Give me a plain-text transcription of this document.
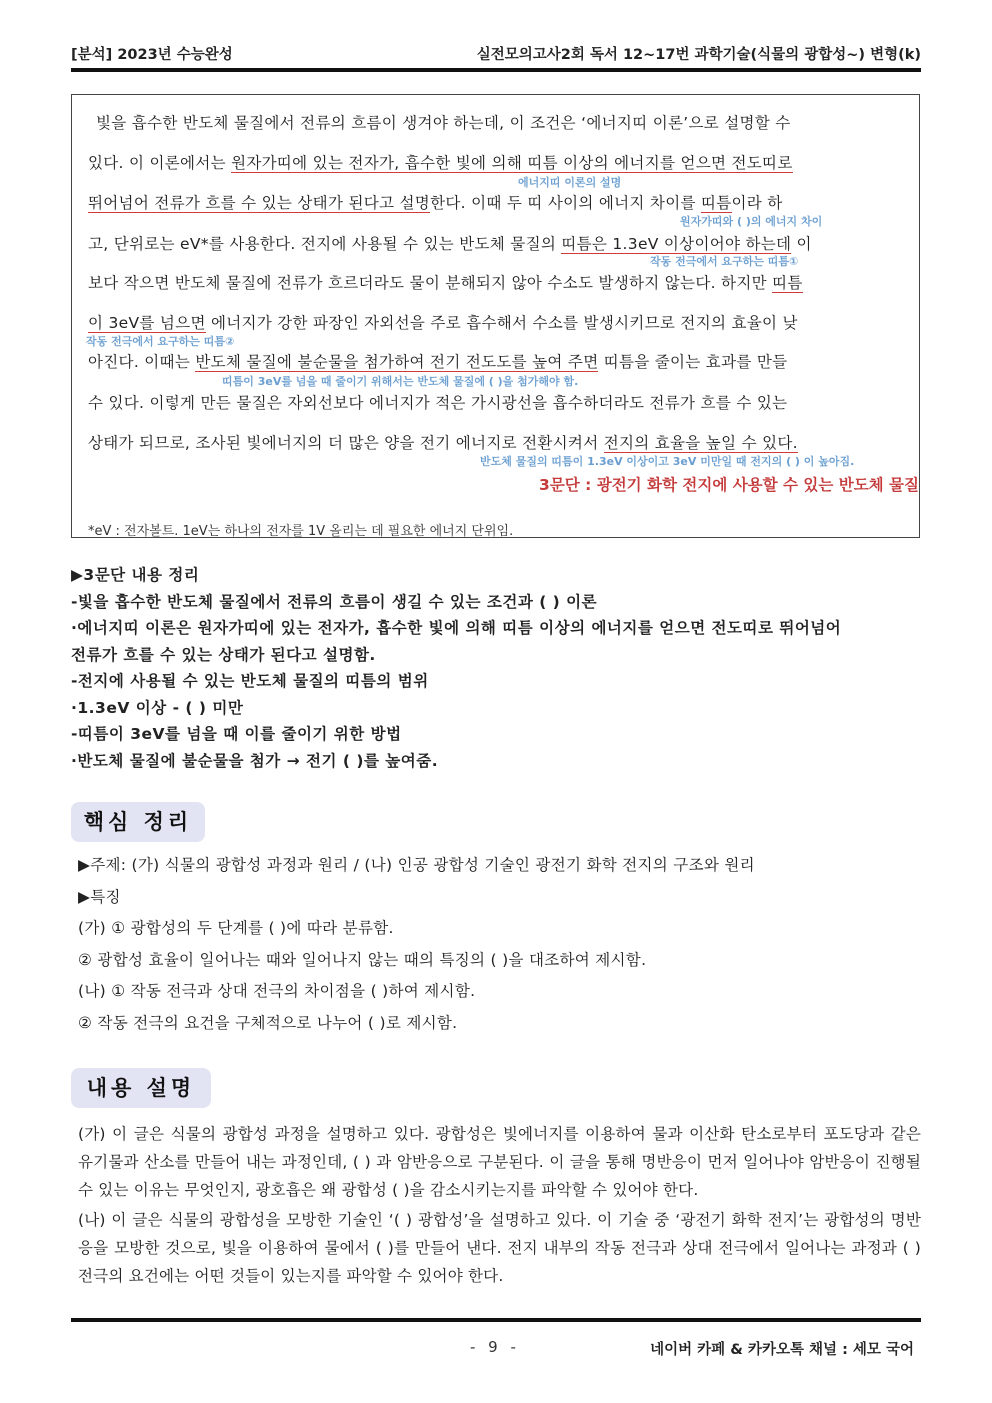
[분석] 2023년 수능완성	실전모의고사2회 독서 12~17번 과학기술(식물의 광합성~) 변형(k)
빛을 흡수한 반도체 물질에서 전류의 흐름이 생겨야 하는데, 이 조건은 ‘에너지띠 이론’으로 설명할 수
있다. 이 이론에서는 원자가띠에 있는 전자가, 흡수한 빛에 의해 띠틈 이상의 에너지를 얻으면 전도띠로
에너지띠 이론의 설명
뛰어넘어 전류가 흐를 수 있는 상태가 된다고 설명한다. 이때 두 띠 사이의 에너지 차이를 띠틈이라 하
원자가띠와 ( )의 에너지 차이
고, 단위로는 eV*를 사용한다. 전지에 사용될 수 있는 반도체 물질의 띠틈은 1.3eV 이상이어야 하는데 이
작동 전극에서 요구하는 띠틈①
보다 작으면 반도체 물질에 전류가 흐르더라도 물이 분해되지 않아 수소도 발생하지 않는다. 하지만 띠틈
이 3eV를 넘으면 에너지가 강한 파장인 자외선을 주로 흡수해서 수소를 발생시키므로 전지의 효율이 낮
작동 전극에서 요구하는 띠틈②
아진다. 이때는 반도체 물질에 불순물을 첨가하여 전기 전도도를 높여 주면 띠틈을 줄이는 효과를 만들
띠틈이 3eV를 넘을 때 줄이기 위해서는 반도체 물질에 ( )을 첨가해야 함.
수 있다. 이렇게 만든 물질은 자외선보다 에너지가 적은 가시광선을 흡수하더라도 전류가 흐를 수 있는
상태가 되므로, 조사된 빛에너지의 더 많은 양을 전기 에너지로 전환시켜서 전지의 효율을 높일 수 있다.
반도체 물질의 띠틈이 1.3eV 이상이고 3eV 미만일 때 전지의 ( ) 이 높아짐.
3문단 : 광전기 화학 전지에 사용할 수 있는 반도체 물질
*eV : 전자볼트. 1eV는 하나의 전자를 1V 올리는 데 필요한 에너지 단위임.
▶3문단 내용 정리
-빛을 흡수한 반도체 물질에서 전류의 흐름이 생길 수 있는 조건과 ( ) 이론
·에너지띠 이론은 원자가띠에 있는 전자가, 흡수한 빛에 의해 띠틈 이상의 에너지를 얻으면 전도띠로 뛰어넘어
전류가 흐를 수 있는 상태가 된다고 설명함.
-전지에 사용될 수 있는 반도체 물질의 띠틈의 범위
·1.3eV 이상 - ( ) 미만
-띠틈이 3eV를 넘을 때 이를 줄이기 위한 방법
·반도체 물질에 불순물을 첨가 → 전기 ( )를 높여줌.
핵심 정리
▶주제: (가) 식물의 광합성 과정과 원리 / (나) 인공 광합성 기술인 광전기 화학 전지의 구조와 원리
▶특징
(가) ① 광합성의 두 단계를 ( )에 따라 분류함.
② 광합성 효율이 일어나는 때와 일어나지 않는 때의 특징의 ( )을 대조하여 제시함.
(나) ① 작동 전극과 상대 전극의 차이점을 ( )하여 제시함.
② 작동 전극의 요건을 구체적으로 나누어 ( )로 제시함.
내용 설명

(가) 이 글은 식물의 광합성 과정을 설명하고 있다. 광합성은 빛에너지를 이용하여 물과 이산화 탄소로부터 포도당과 같은 유기물과 산소를 만들어 내는 과정인데, ( ) 과 암반응으로 구분된다. 이 글을 통해 명반응이 먼저 일어나야 암반응이 진행될 수 있는 이유는 무엇인지, 광호흡은 왜 광합성 ( )을 감소시키는지를 파악할 수 있어야 한다.

(나) 이 글은 식물의 광합성을 모방한 기술인 ‘( ) 광합성’을 설명하고 있다. 이 기술 중 ‘광전기 화학 전지’는 광합성의 명반응을 모방한 것으로, 빛을 이용하여 물에서 ( )를 만들어 낸다. 전지 내부의 작동 전극과 상대 전극에서 일어나는 과정과 ( ) 전극의 요건에는 어떤 것들이 있는지를 파악할 수 있어야 한다.

- 9 -	네이버 카페 & 카카오톡 채널 : 세모 국어
